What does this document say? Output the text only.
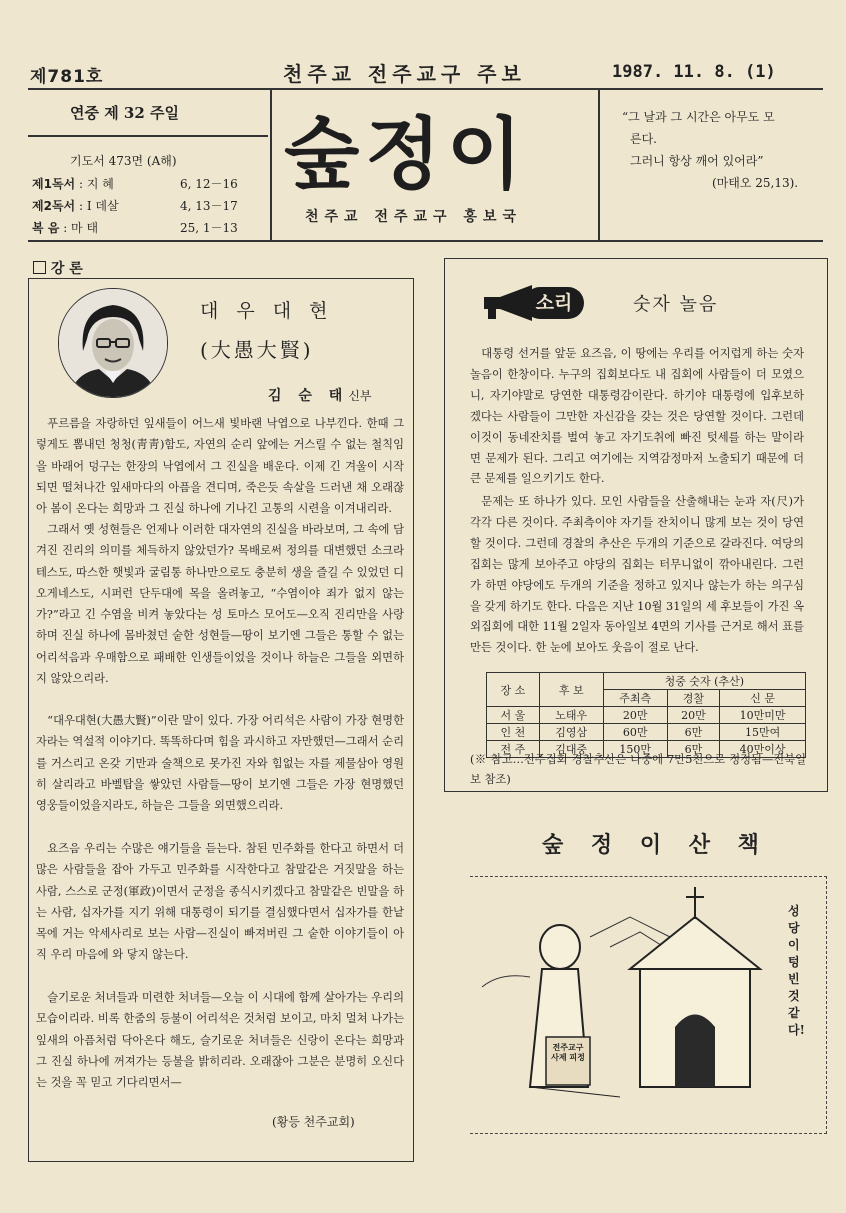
제781호	천주교 전주교구 주보	1987. 11. 8. (1)
연중 제 32 주일
기도서 473면 (A해)
제1독서 : 지 혜	6, 12－16
제2독서 : I 데살	4, 13－17
복 음 : 마 태	25, 1－13
숲정이
천주교 전주교구 홍보국
“그 날과 그 시간은 아무도 모
른다.
그러니 항상 깨어 있어라”
(마태오 25,13).
강 론
대 우 대 현
(大愚大賢)
김 순 태신부

푸르름을 자랑하던 잎새들이 어느새 빛바랜 낙엽으로 나부낀다. 한때 그렇게도 뽐내던 청청(靑靑)함도, 자연의 순리 앞에는 거스릴 수 없는 철칙임을 바래어 덩구는 한장의 낙엽에서 그 진실을 배운다. 이제 긴 겨울이 시작되면 떨쳐나간 잎새마다의 아픔을 견디며, 죽은듯 속살을 드러낸 채 오래잖아 봄이 온다는 희망과 그 진실 하나에 기나긴 고통의 시련을 이겨내리라.

그래서 옛 성현들은 언제나 이러한 대자연의 진실을 바라보며, 그 속에 담겨진 진리의 의미를 체득하지 않았던가? 목배로써 정의를 대변했던 소크라테스도, 따스한 햇빛과 굴림통 하나만으로도 충분히 생을 즐길 수 있었던 디오게네스도, 시퍼런 단두대에 목을 올려놓고, “수염이야 죄가 없지 않는가?”라고 긴 수염을 비켜 놓았다는 성 토마스 모어도—오직 진리만을 사랑하며 진실 하나에 몸바쳤던 숱한 성현들—땅이 보기엔 그들은 통할 수 없는 어리석음과 우매함으로 패배한 인생들이었을 것이나 하늘은 그들을 외면하지 않았으리라.

“대우대현(大愚大賢)”이란 말이 있다. 가장 어리석은 사람이 가장 현명한 자라는 역설적 이야기다. 똑똑하다며 힘을 과시하고 자만했던—그래서 순리를 거스리고 온갖 기만과 술책으로 못가진 자와 힘없는 자를 제물삼아 영원히 살리라고 바벨탑을 쌓았던 사람들—땅이 보기엔 그들은 가장 현명했던 영웅들이었을지라도, 하늘은 그들을 외면했으리라.

요즈음 우리는 수많은 얘기들을 듣는다. 참된 민주화를 한다고 하면서 더 많은 사람들을 잡아 가두고 민주화를 시작한다고 참말같은 거짓말을 하는 사람, 스스로 군정(軍政)이면서 군정을 종식시키겠다고 참말같은 빈말을 하는 사람, 십자가를 지기 위해 대통령이 되기를 결심했다면서 십자가를 한낱 목에 거는 악세사리로 보는 사람—진실이 빠져버린 그 숱한 이야기들이 아직 우리 마음에 와 닿지 않는다.

슬기로운 처녀들과 미련한 처녀들—오늘 이 시대에 함께 살아가는 우리의 모습이리라. 비록 한줌의 등불이 어리석은 것처럼 보이고, 마치 멀쳐 나가는 잎새의 아픔처럼 닥아온다 해도, 슬기로운 처녀들은 신랑이 온다는 희망과 그 진실 하나에 꺼져가는 등불을 밝히리라. 오래잖아 그분은 분명히 오신다는 것을 꼭 믿고 기다리면서—

(황등 천주교회)
소리	숫자 놀음

대통령 선거를 앞둔 요즈음, 이 땅에는 우리를 어지럽게 하는 숫자놀음이 한창이다. 누구의 집회보다도 내 집회에 사람들이 더 모였으니, 자기야말로 당연한 대통령감이란다. 하기야 대통령에 입후보하겠다는 사람들이 그만한 자신감을 갖는 것은 당연할 것이다. 그런데 이것이 동네잔치를 벌여 놓고 자기도취에 빠진 텃세를 하는 말이라면 문제가 된다. 그리고 여기에는 지역감정마저 노출되기 때문에 더 큰 문제를 일으키기도 한다.

문제는 또 하나가 있다. 모인 사람들을 산출해내는 눈과 자(尺)가 각각 다른 것이다. 주최측이야 자기들 잔치이니 많게 보는 것이 당연할 것이다. 그런데 경찰의 추산은 두개의 기준으로 갈라진다. 여당의 집회는 많게 보아주고 야당의 집회는 터무니없이 깎아내린다. 그런가 하면 야당에도 두개의 기준을 정하고 있지나 않는가 하는 의구심을 갖게 하기도 한다. 다음은 지난 10월 31일의 세 후보들이 가진 옥외집회에 대한 11월 2일자 동아일보 4면의 기사를 근거로 해서 표를 만든 것이다. 한 눈에 보아도 웃음이 절로 난다.

장 소	후 보	청중 숫자 (추산)		
		주최측	경찰	신 문
서 울	노태우	20만	20만	10만미만
인 천	김영삼	60만	6만	15만여
전 주	김대중	150만	6만	40만이상
(※ 참고…전주집회 경찰추산은 나중에 7만5천으로 정정됨—전북일보 참조)
숲 정 이 산 책
전주교구 사제 피정
성당이 텅 빈것 같다!
